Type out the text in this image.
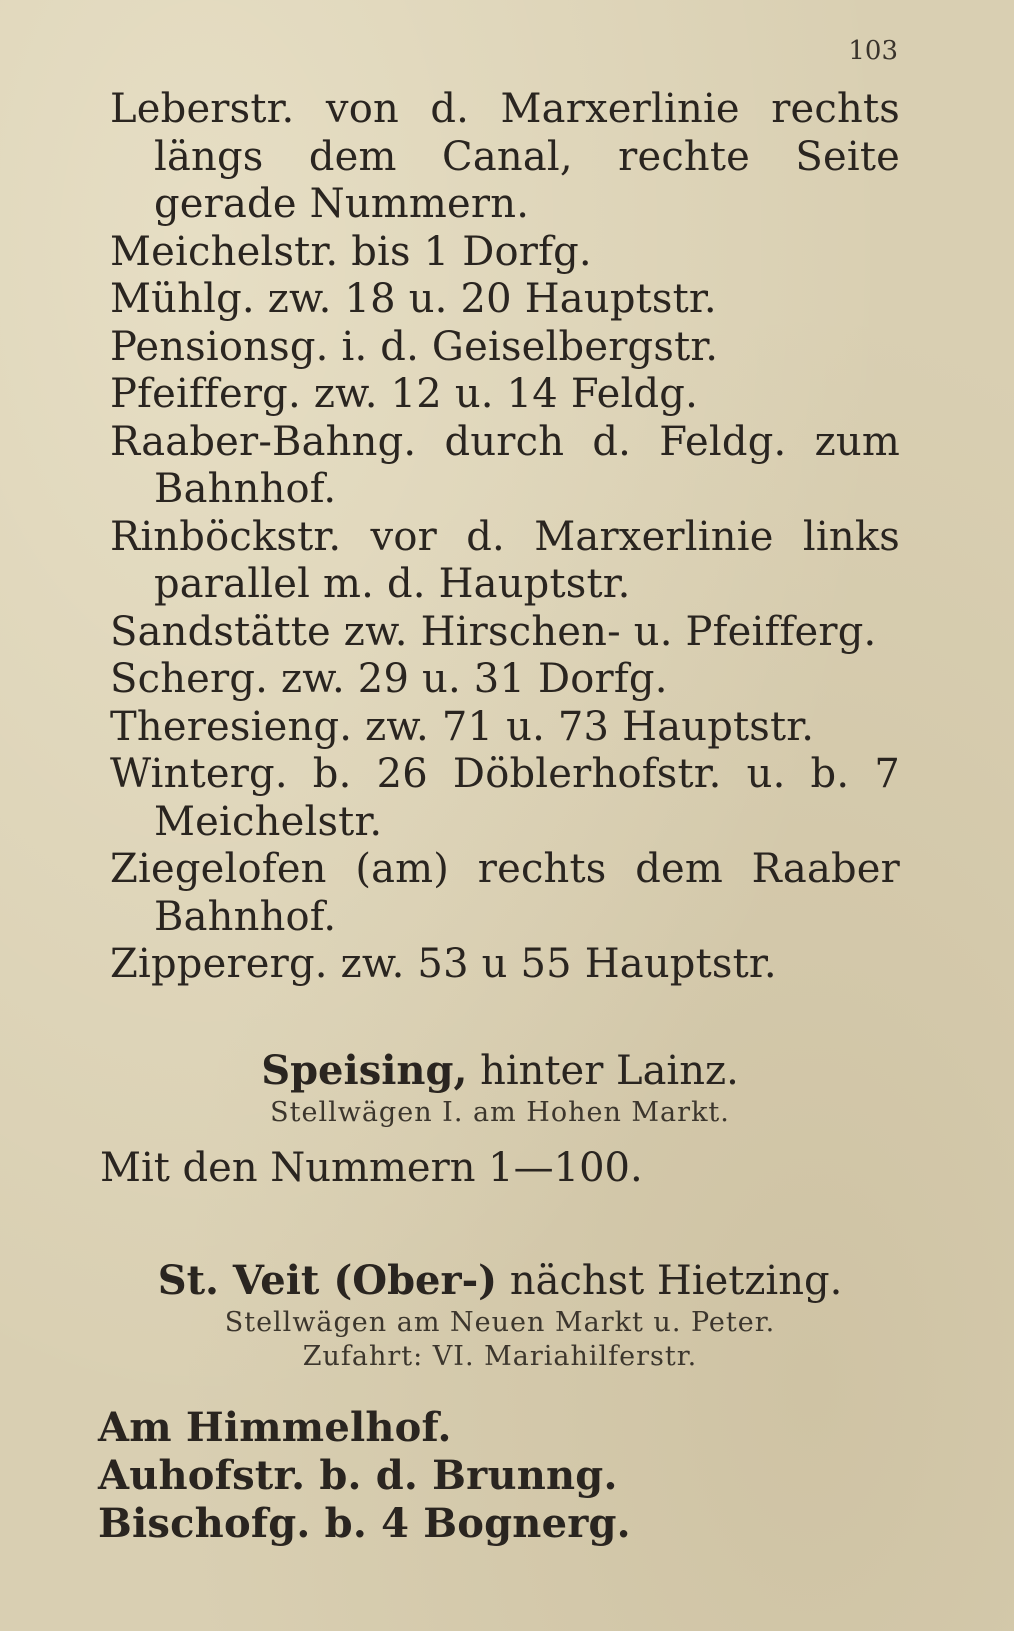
103
Leberstr. von d. Marxerlinie rechts längs dem Canal, rechte Seite gerade Nummern.
Meichelstr. bis 1 Dorfg.
Mühlg. zw. 18 u. 20 Hauptstr.
Pensionsg. i. d. Geiselbergstr.
Pfeifferg. zw. 12 u. 14 Feldg.
Raaber-Bahng. durch d. Feldg. zum Bahnhof.
Rinböckstr. vor d. Marxerlinie links parallel m. d. Hauptstr.
Sandstätte zw. Hirschen- u. Pfeifferg.
Scherg. zw. 29 u. 31 Dorfg.
Theresieng. zw. 71 u. 73 Hauptstr.
Winterg. b. 26 Döblerhofstr. u. b. 7 Meichelstr.
Ziegelofen (am) rechts dem Raaber Bahnhof.
Zippererg. zw. 53 u 55 Hauptstr.
Speising, hinter Lainz.
Stellwägen I. am Hohen Markt.
Mit den Nummern 1—100.
St. Veit (Ober-) nächst Hietzing.
Stellwägen am Neuen Markt u. Peter.
Zufahrt: VI. Mariahilferstr.
Am Himmelhof.
Auhofstr. b. d. Brunng.
Bischofg. b. 4 Bognerg.
